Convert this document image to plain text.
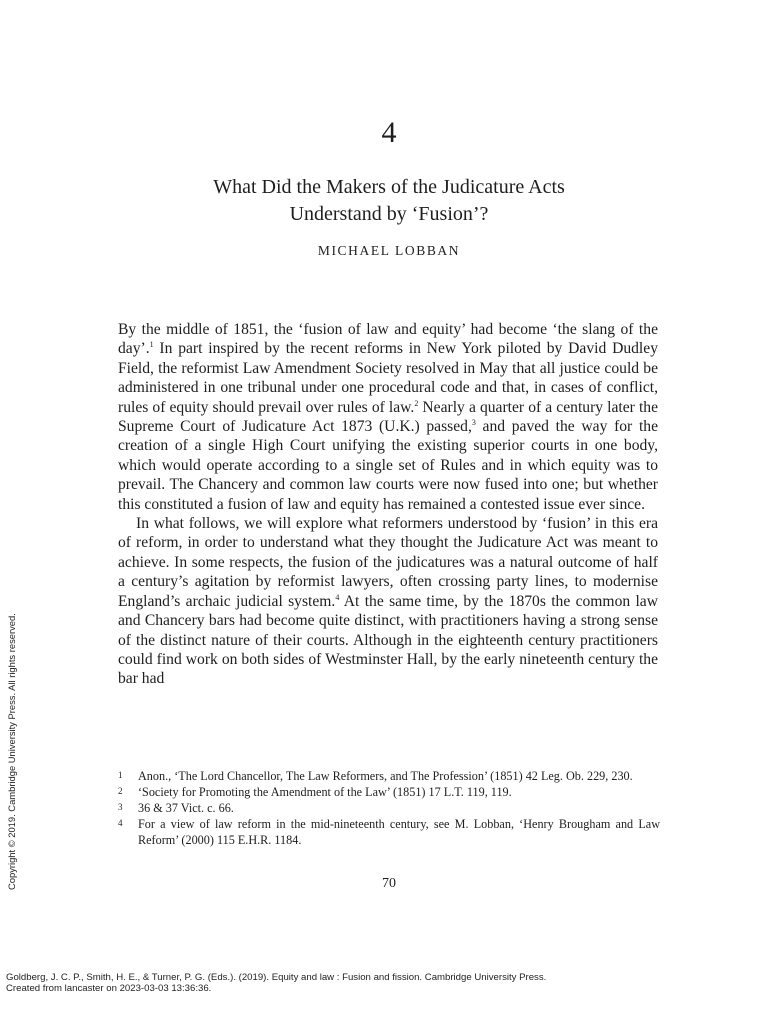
4
What Did the Makers of the Judicature Acts
Understand by ‘Fusion’?
MICHAEL LOBBAN

By the middle of 1851, the ‘fusion of law and equity’ had become ‘the slang of the day’.$^1$ In part inspired by the recent reforms in New York piloted by David Dudley Field, the reformist Law Amendment Society resolved in May that all justice could be administered in one tribunal under one procedural code and that, in cases of conflict, rules of equity should prevail over rules of law.$^2$ Nearly a quarter of a century later the Supreme Court of Judicature Act 1873 (U.K.) passed,$^3$ and paved the way for the creation of a single High Court unifying the existing superior courts in one body, which would operate according to a single set of Rules and in which equity was to prevail. The Chancery and common law courts were now fused into one; but whether this constituted a fusion of law and equity has remained a contested issue ever since.

In what follows, we will explore what reformers understood by ‘fusion’ in this era of reform, in order to understand what they thought the Judicature Act was meant to achieve. In some respects, the fusion of the judicatures was a natural outcome of half a century’s agitation by reformist lawyers, often crossing party lines, to modernise England’s archaic judicial system.$^4$ At the same time, by the 1870s the common law and Chancery bars had become quite distinct, with practitioners having a strong sense of the distinct nature of their courts. Although in the eighteenth century practitioners could find work on both sides of Westminster Hall, by the early nineteenth century the bar had

1 Anon., ‘The Lord Chancellor, The Law Reformers, and The Profession’ (1851) 42 Leg. Ob. 229, 230.
2 ‘Society for Promoting the Amendment of the Law’ (1851) 17 L.T. 119, 119.
3 36 & 37 Vict. c. 66.
4 For a view of law reform in the mid-nineteenth century, see M. Lobban, ‘Henry Brougham and Law Reform’ (2000) 115 E.H.R. 1184.
70
Copyright © 2019. Cambridge University Press. All rights reserved.
Goldberg, J. C. P., Smith, H. E., & Turner, P. G. (Eds.). (2019). Equity and law : Fusion and fission. Cambridge University Press.
Created from lancaster on 2023-03-03 13:36:36.
